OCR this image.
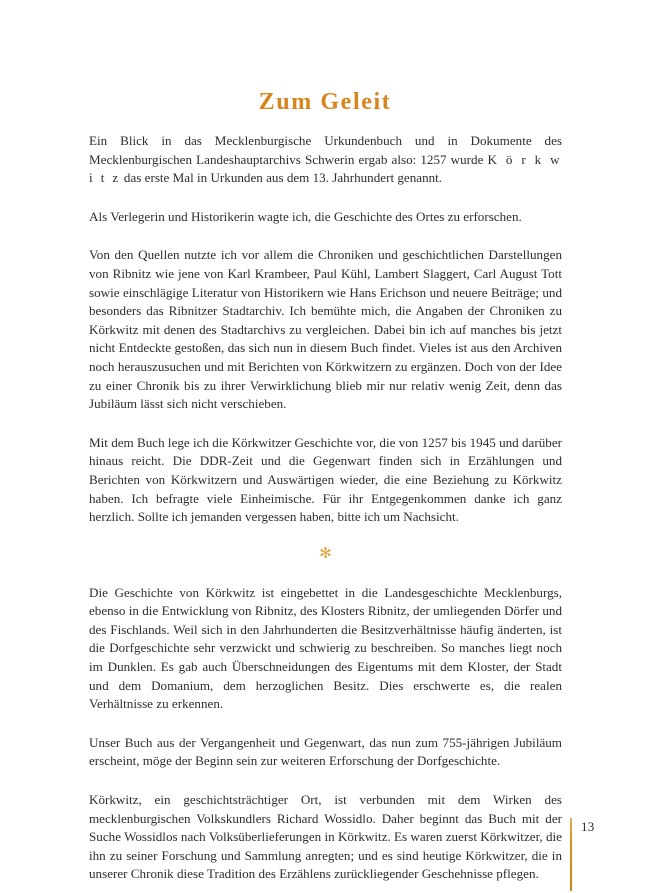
Zum Geleit

Ein Blick in das Mecklenburgische Urkundenbuch und in Dokumente des Mecklenburgischen Landeshauptarchivs Schwerin ergab also: 1257 wurde K ö r k w i t z das erste Mal in Urkunden aus dem 13. Jahrhundert genannt.

Als Verlegerin und Historikerin wagte ich, die Geschichte des Ortes zu erforschen.

Von den Quellen nutzte ich vor allem die Chroniken und geschichtlichen Darstellungen von Ribnitz wie jene von Karl Krambeer, Paul Kühl, Lambert Slaggert, Carl August Tott sowie einschlägige Literatur von Historikern wie Hans Erichson und neuere Beiträge; und besonders das Ribnitzer Stadtarchiv. Ich bemühte mich, die Angaben der Chroniken zu Körkwitz mit denen des Stadtarchivs zu vergleichen. Dabei bin ich auf manches bis jetzt nicht Entdeckte gestoßen, das sich nun in diesem Buch findet. Vieles ist aus den Archiven noch herauszusuchen und mit Berichten von Körkwitzern zu ergänzen. Doch von der Idee zu einer Chronik bis zu ihrer Verwirklichung blieb mir nur relativ wenig Zeit, denn das Jubiläum lässt sich nicht verschieben.

Mit dem Buch lege ich die Körkwitzer Geschichte vor, die von 1257 bis 1945 und darüber hinaus reicht. Die DDR-Zeit und die Gegenwart finden sich in Erzählungen und Berichten von Körkwitzern und Auswärtigen wieder, die eine Beziehung zu Körkwitz haben. Ich befragte viele Einheimische. Für ihr Entgegenkommen danke ich ganz herzlich. Sollte ich jemanden vergessen haben, bitte ich um Nachsicht.

✻

Die Geschichte von Körkwitz ist eingebettet in die Landesgeschichte Mecklenburgs, ebenso in die Entwicklung von Ribnitz, des Klosters Ribnitz, der umliegenden Dörfer und des Fischlands. Weil sich in den Jahrhunderten die Besitzverhältnisse häufig änderten, ist die Dorfgeschichte sehr verzwickt und schwierig zu beschreiben. So manches liegt noch im Dunklen. Es gab auch Überschneidungen des Eigentums mit dem Kloster, der Stadt und dem Domanium, dem herzoglichen Besitz. Dies erschwerte es, die realen Verhältnisse zu erkennen.

Unser Buch aus der Vergangenheit und Gegenwart, das nun zum 755-jährigen Jubiläum erscheint, möge der Beginn sein zur weiteren Erforschung der Dorfgeschichte.

Körkwitz, ein geschichtsträchtiger Ort, ist verbunden mit dem Wirken des mecklenburgischen Volkskundlers Richard Wossidlo. Daher beginnt das Buch mit der Suche Wossidlos nach Volksüberlieferungen in Körkwitz. Es waren zuerst Körkwitzer, die ihn zu seiner Forschung und Sammlung anregten; und es sind heutige Körkwitzer, die in unserer Chronik diese Tradition des Erzählens zurückliegender Geschehnisse pflegen.

13
